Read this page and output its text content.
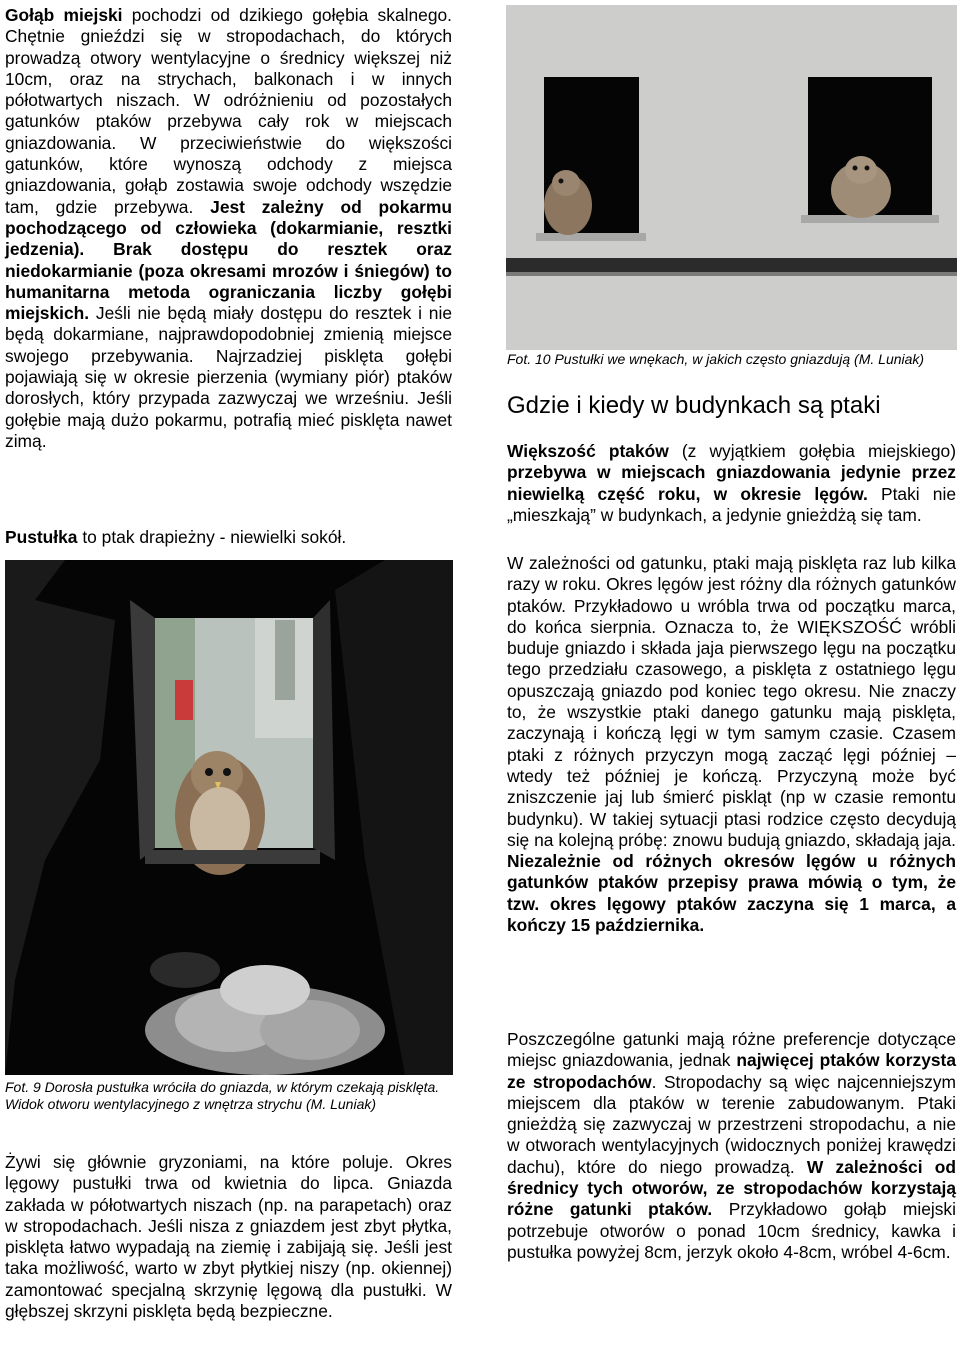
Gołąb miejski pochodzi od dzikiego gołębia skalnego. Chętnie gnieździ się w stropodachach, do których prowadzą otwory wentylacyjne o średnicy większej niż 10cm, oraz na strychach, balkonach i w innych półotwartych niszach. W odróżnieniu od pozostałych gatunków ptaków przebywa cały rok w miejscach gniazdowania. W przeciwieństwie do większości gatunków, które wynoszą odchody z miejsca gniazdowania, gołąb zostawia swoje odchody wszędzie tam, gdzie przebywa. Jest zależny od pokarmu pochodzącego od człowieka (dokarmianie, resztki jedzenia). Brak dostępu do resztek oraz niedokarmianie (poza okresami mrozów i śniegów) to humanitarna metoda ograniczania liczby gołębi miejskich. Jeśli nie będą miały dostępu do resztek i nie będą dokarmiane, najprawdopodobniej zmienią miejsce swojego przebywania. Najrzadziej pisklęta gołębi pojawiają się w okresie pierzenia (wymiany piór) ptaków dorosłych, który przypada zazwyczaj we wrześniu. Jeśli gołębie mają dużo pokarmu, potrafią mieć pisklęta nawet zimą.

Pustułka to ptak drapieżny - niewielki sokół.

Fot. 9 Dorosła pustułka wróciła do gniazda, w którym czekają pisklęta. Widok otworu wentylacyjnego z wnętrza strychu (M. Luniak)

Żywi się głównie gryzoniami, na które poluje. Okres lęgowy pustułki trwa od kwietnia do lipca. Gniazda zakłada w półotwartych niszach (np. na parapetach) oraz w stropodachach. Jeśli nisza z gniazdem jest zbyt płytka, pisklęta łatwo wypadają na ziemię i zabijają się. Jeśli jest taka możliwość, warto w zbyt płytkiej niszy (np. okiennej) zamontować specjalną skrzynię lęgową dla pustułki. W głębszej skrzyni pisklęta będą bezpieczne.

Fot. 10 Pustułki we wnękach, w jakich często gniazdują (M. Luniak)

Gdzie i kiedy w budynkach są ptaki

Większość ptaków (z wyjątkiem gołębia miejskiego) przebywa w miejscach gniazdowania jedynie przez niewielką część roku, w okresie lęgów. Ptaki nie „mieszkają” w budynkach, a jedynie gnieżdżą się tam.

W zależności od gatunku, ptaki mają pisklęta raz lub kilka razy w roku. Okres lęgów jest różny dla różnych gatunków ptaków. Przykładowo u wróbla trwa od początku marca, do końca sierpnia. Oznacza to, że WIĘKSZOŚĆ wróbli buduje gniazdo i składa jaja pierwszego lęgu na początku tego przedziału czasowego, a pisklęta z ostatniego lęgu opuszczają gniazdo pod koniec tego okresu. Nie znaczy to, że wszystkie ptaki danego gatunku mają pisklęta, zaczynają i kończą lęgi w tym samym czasie. Czasem ptaki z różnych przyczyn mogą zacząć lęgi później – wtedy też później je kończą. Przyczyną może być zniszczenie jaj lub śmierć piskląt (np w czasie remontu budynku). W takiej sytuacji ptasi rodzice często decydują się na kolejną próbę: znowu budują gniazdo, składają jaja. Niezależnie od różnych okresów lęgów u różnych gatunków ptaków przepisy prawa mówią o tym, że tzw. okres lęgowy ptaków zaczyna się 1 marca, a kończy 15 października.

Poszczególne gatunki mają różne preferencje dotyczące miejsc gniazdowania, jednak najwięcej ptaków korzysta ze stropodachów. Stropodachy są więc najcenniejszym miejscem dla ptaków w terenie zabudowanym. Ptaki gnieżdżą się zazwyczaj w przestrzeni stropodachu, a nie w otworach wentylacyjnych (widocznych poniżej krawędzi dachu), które do niego prowadzą. W zależności od średnicy tych otworów, ze stropodachów korzystają różne gatunki ptaków. Przykładowo gołąb miejski potrzebuje otworów o ponad 10cm średnicy, kawka i pustułka powyżej 8cm, jerzyk około 4-8cm, wróbel 4-6cm.
